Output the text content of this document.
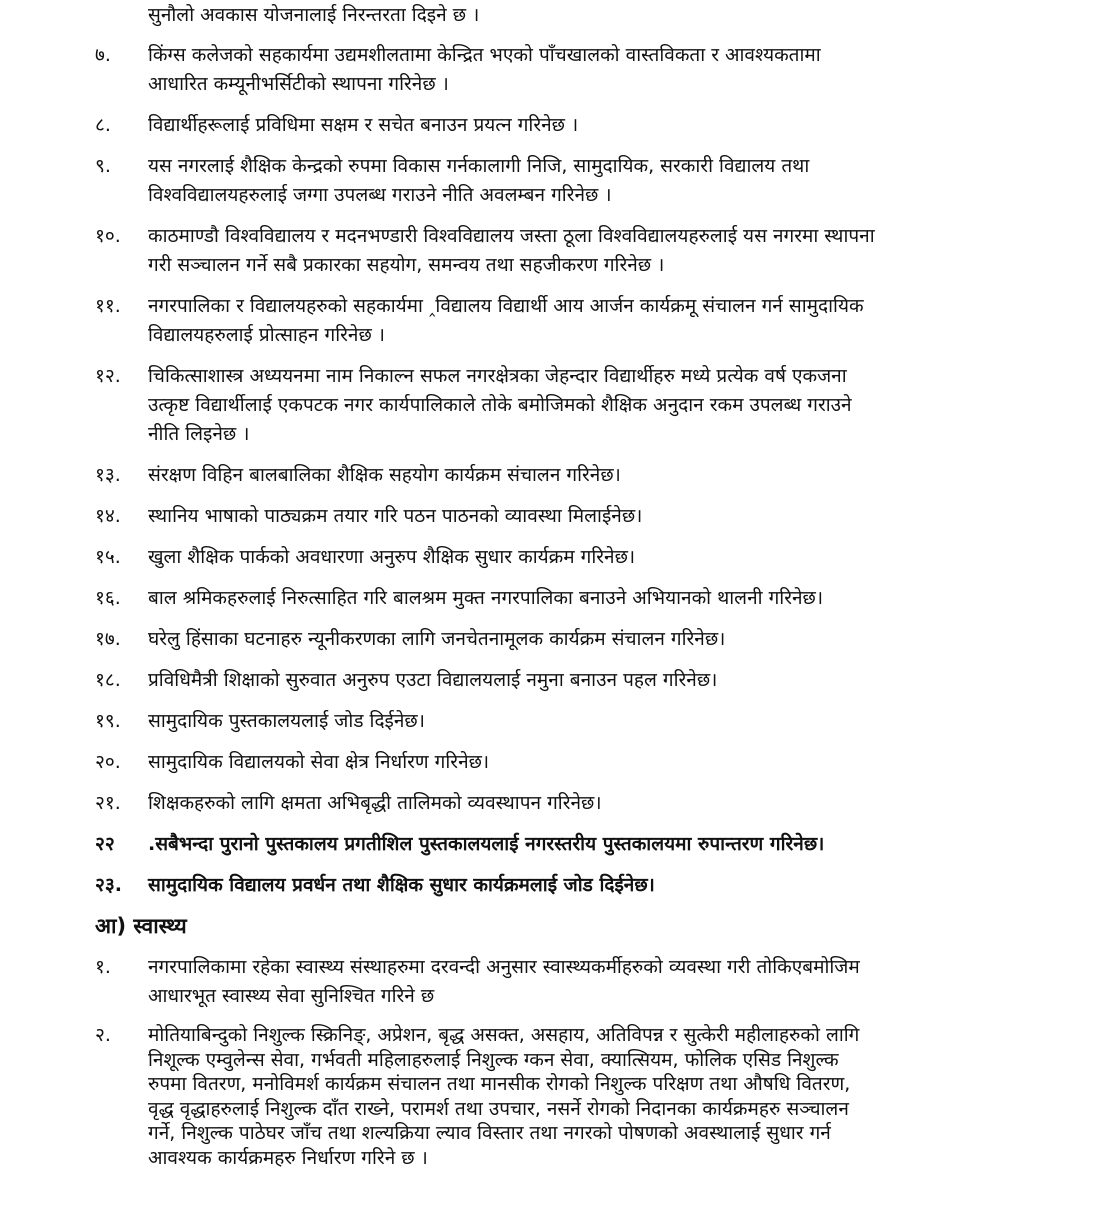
सुनौलो अवकास योजनालाई निरन्तरता दिइने छ ।
७. किंग्स कलेजको सहकार्यमा उद्यमशीलतामा केन्द्रित भएको पाँचखालको वास्तविकता र आवश्यकतामा
आधारित कम्यूनीभर्सिटीको स्थापना गरिनेछ ।
८. विद्यार्थीहरूलाई प्रविधिमा सक्षम र सचेत बनाउन प्रयत्न गरिनेछ ।
९. यस नगरलाई शैक्षिक केन्द्रको रुपमा विकास गर्नकालागी निजि, सामुदायिक, सरकारी विद्यालय तथा
विश्वविद्यालयहरुलाई जग्गा उपलब्ध गराउने नीति अवलम्बन गरिनेछ ।
१०. काठमाण्डौ विश्वविद्यालय र मदनभण्डारी विश्वविद्यालय जस्ता ठूला विश्वविद्यालयहरुलाई यस नगरमा स्थापना
गरी सञ्चालन गर्ने सबै प्रकारका सहयोग, समन्वय तथा सहजीकरण गरिनेछ ।
११. नगरपालिका र विद्यालयहरुको सहकार्यमा ‸विद्यालय विद्यार्थी आय आर्जन कार्यक्रमू संचालन गर्न सामुदायिक
विद्यालयहरुलाई प्रोत्साहन गरिनेछ ।
१२. चिकित्साशास्त्र अध्ययनमा नाम निकाल्न सफल नगरक्षेत्रका जेहन्दार विद्यार्थीहरु मध्ये प्रत्येक वर्ष एकजना
उत्कृष्ट विद्यार्थीलाई एकपटक नगर कार्यपालिकाले तोके बमोजिमको शैक्षिक अनुदान रकम उपलब्ध गराउने
नीति लिइनेछ ।
१३. संरक्षण विहिन बालबालिका शैक्षिक सहयोग कार्यक्रम संचालन गरिनेछ।
१४. स्थानिय भाषाको पाठ्यक्रम तयार गरि पठन पाठनको व्यावस्था मिलाईनेछ।
१५. खुला शैक्षिक पार्कको अवधारणा अनुरुप शैक्षिक सुधार कार्यक्रम गरिनेछ।
१६. बाल श्रमिकहरुलाई निरुत्साहित गरि बालश्रम मुक्त नगरपालिका बनाउने अभियानको थालनी गरिनेछ।
१७. घरेलु हिंसाका घटनाहरु न्यूनीकरणका लागि जनचेतनामूलक कार्यक्रम संचालन गरिनेछ।
१८. प्रविधिमैत्री शिक्षाको सुरुवात अनुरुप एउटा विद्यालयलाई नमुना बनाउन पहल गरिनेछ।
१९. सामुदायिक पुस्तकालयलाई जोड दिईनेछ।
२०. सामुदायिक विद्यालयको सेवा क्षेत्र निर्धारण गरिनेछ।
२१. शिक्षकहरुको लागि क्षमता अभिबृद्धी तालिमको व्यवस्थापन गरिनेछ।
२२ .सबैभन्दा पुरानो पुस्तकालय प्रगतीशिल पुस्तकालयलाई नगरस्तरीय पुस्तकालयमा रुपान्तरण गरिनेछ।
२३. सामुदायिक विद्यालय प्रवर्धन तथा शैक्षिक सुधार कार्यक्रमलाई जोड दिईनेछ।
आ) स्वास्थ्य
१. नगरपालिकामा रहेका स्वास्थ्य संस्थाहरुमा दरवन्दी अनुसार स्वास्थ्यकर्मीहरुको व्यवस्था गरी तोकिएबमोजिम
आधारभूत स्वास्थ्य सेवा सुनिश्चित गरिने छ
२. मोतियाबिन्दुको निशुल्क स्क्रिनिङ्, अप्रेशन, बृद्ध असक्त, असहाय, अतिविपन्न र सुत्केरी महीलाहरुको लागि
निशूल्क एम्वुलेन्स सेवा, गर्भवती महिलाहरुलाई निशुल्क ग्कन सेवा, क्यात्सियम, फोलिक एसिड निशुल्क
रुपमा वितरण, मनोविमर्श कार्यक्रम संचालन तथा मानसीक रोगको निशुल्क परिक्षण तथा औषधि वितरण,
वृद्ध वृद्धाहरुलाई निशुल्क दाँत राख्ने, परामर्श तथा उपचार, नसर्ने रोगको निदानका कार्यक्रमहरु सञ्चालन
गर्ने, निशुल्क पाठेघर जाँच तथा शल्यक्रिया ल्याव विस्तार तथा नगरको पोषणको अवस्थालाई सुधार गर्न
आवश्यक कार्यक्रमहरु निर्धारण गरिने छ ।
